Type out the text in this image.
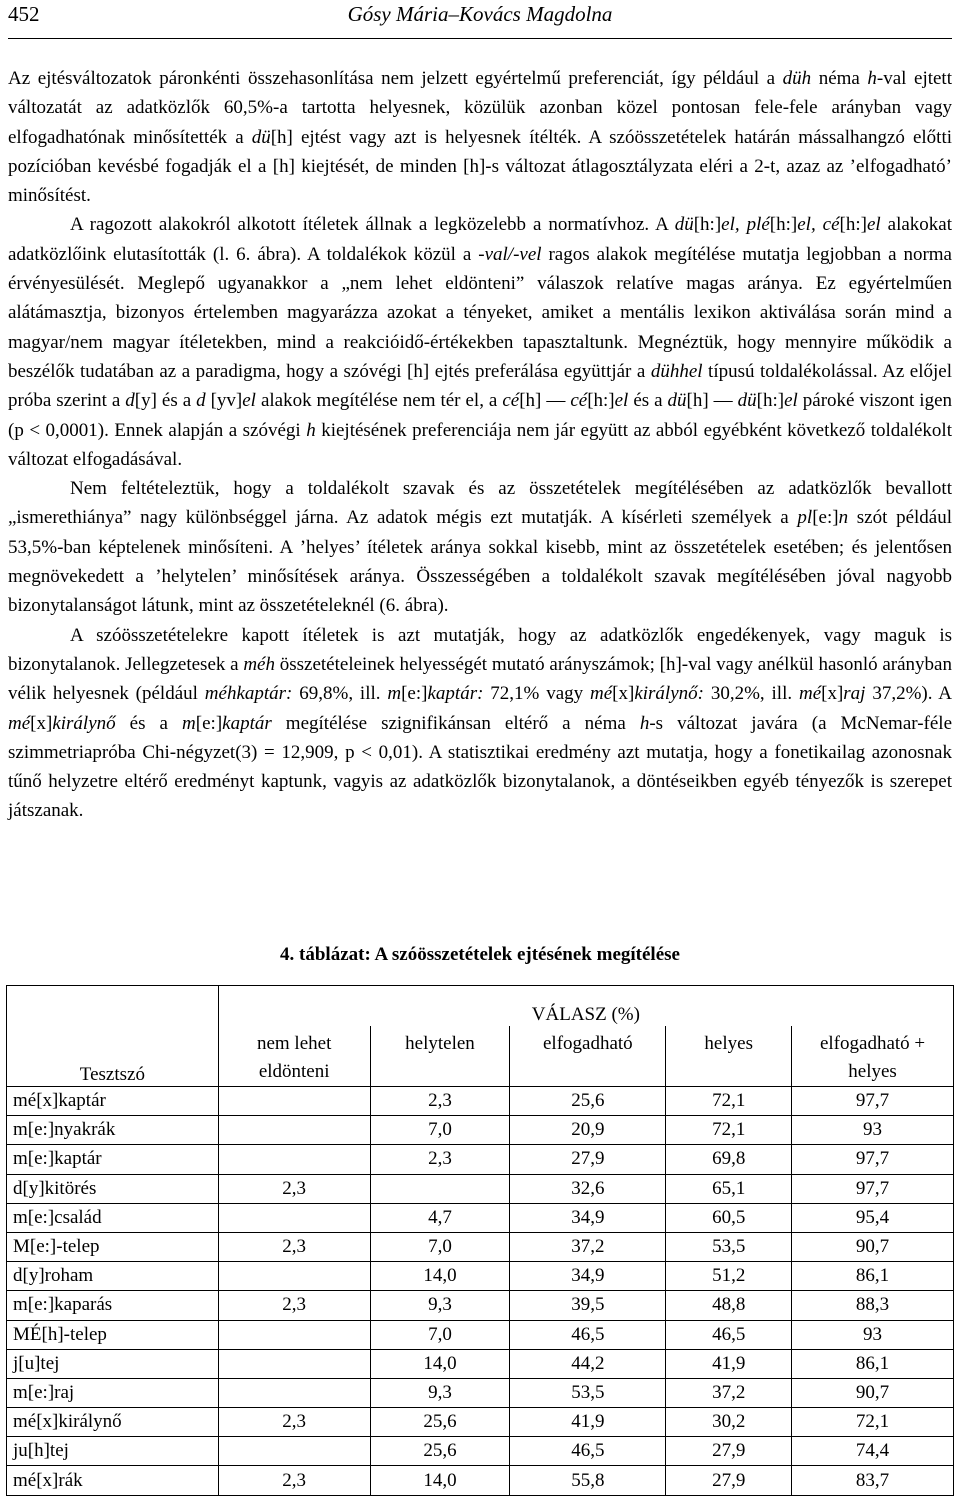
452	Gósy Mária–Kovács Magdolna

Az ejtésváltozatok páronkénti összehasonlítása nem jelzett egyértelmű preferenciát, így például a düh néma h-val ejtett változatát az adatközlők 60,5%-a tartotta helyesnek, közülük azonban közel pontosan fele-fele arányban vagy elfogadhatónak minősítették a dü[h] ejtést vagy azt is helyesnek ítélték. A szóösszetételek határán mássalhangzó előtti pozícióban kevésbé fogadják el a [h] kiejtését, de minden [h]-s változat átlagosztályzata eléri a 2-t, azaz az ’elfogadható’ minősítést.

A ragozott alakokról alkotott ítéletek állnak a legközelebb a normatívhoz. A dü[h:]el, plé[h:]el, cé[h:]el alakokat adatközlőink elutasították (l. 6. ábra). A toldalékok közül a -val/-vel ragos alakok megítélése mutatja legjobban a norma érvényesülését. Meglepő ugyanakkor a „nem lehet eldönteni” válaszok relatíve magas aránya. Ez egyértelműen alátámasztja, bizonyos értelemben magyarázza azokat a tényeket, amiket a mentális lexikon aktiválása során mind a magyar/nem magyar ítéletekben, mind a reakcióidő-értékekben tapasztaltunk. Megnéztük, hogy mennyire működik a beszélők tudatában az a paradigma, hogy a szóvégi [h] ejtés preferálása együttjár a dühhel típusú toldalékolással. Az előjel próba szerint a d[y] és a d [yv]el alakok megítélése nem tér el, a cé[h] — cé[h:]el és a dü[h] — dü[h:]el pároké viszont igen (p < 0,0001). Ennek alapján a szóvégi h kiejtésének preferenciája nem jár együtt az abból egyébként következő toldalékolt változat elfogadásával.

Nem feltételeztük, hogy a toldalékolt szavak és az összetételek megítélésében az adatközlők bevallott „ismerethiánya” nagy különbséggel járna. Az adatok mégis ezt mutatják. A kísérleti személyek a pl[e:]n szót például 53,5%-ban képtelenek minősíteni. A ’helyes’ ítéletek aránya sokkal kisebb, mint az összetételek esetében; és jelentősen megnövekedett a ’helytelen’ minősítések aránya. Összességében a toldalékolt szavak megítélésében jóval nagyobb bizonytalanságot látunk, mint az összetételeknél (6. ábra).

A szóösszetételekre kapott ítéletek is azt mutatják, hogy az adatközlők engedékenyek, vagy maguk is bizonytalanok. Jellegzetesek a méh összetételeinek helyességét mutató arányszámok; [h]-val vagy anélkül hasonló arányban vélik helyesnek (például méhkaptár: 69,8%, ill. m[e:]kaptár: 72,1% vagy mé[x]királynő: 30,2%, ill. mé[x]raj 37,2%). A mé[x]királynő és a m[e:]kaptár megítélése szignifikánsan eltérő a néma h-s változat javára (a McNemar-féle szimmetriapróba Chi-négyzet(3) = 12,909, p < 0,01). A statisztikai eredmény azt mutatja, hogy a fonetikailag azonosnak tűnő helyzetre eltérő eredményt kaptunk, vagyis az adatközlők bizonytalanok, a döntéseikben egyéb tényezők is szerepet játszanak.

4. táblázat: A szóösszetételek ejtésének megítélése
Tesztszó	VÁLASZ (%)				
	nem lehet eldönteni	helytelen	elfogadható	helyes	elfogadható + helyes
mé[x]kaptár		2,3	25,6	72,1	97,7
m[e:]nyakrák		7,0	20,9	72,1	93
m[e:]kaptár		2,3	27,9	69,8	97,7
d[y]kitörés	2,3		32,6	65,1	97,7
m[e:]család		4,7	34,9	60,5	95,4
M[e:]-telep	2,3	7,0	37,2	53,5	90,7
d[y]roham		14,0	34,9	51,2	86,1
m[e:]kaparás	2,3	9,3	39,5	48,8	88,3
MÉ[h]-telep		7,0	46,5	46,5	93
j[u]tej		14,0	44,2	41,9	86,1
m[e:]raj		9,3	53,5	37,2	90,7
mé[x]királynő	2,3	25,6	41,9	30,2	72,1
ju[h]tej		25,6	46,5	27,9	74,4
mé[x]rák	2,3	14,0	55,8	27,9	83,7
